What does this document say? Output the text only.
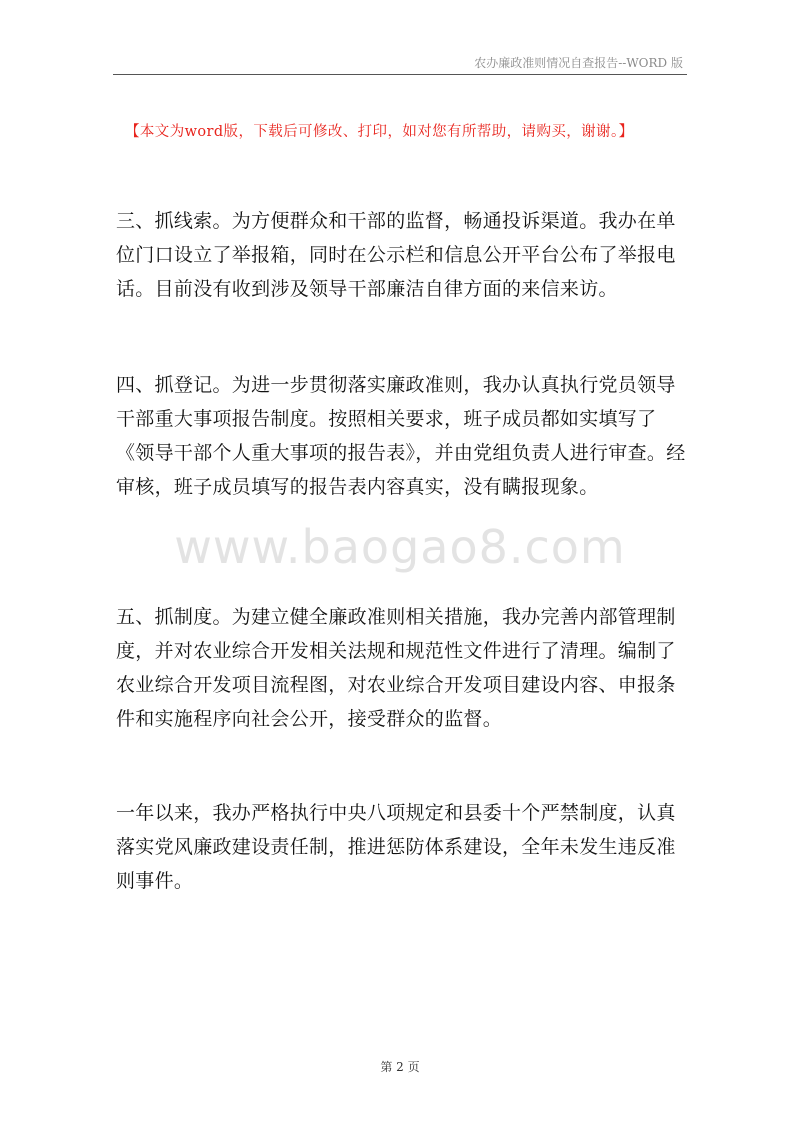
农办廉政准则情况自查报告--WORD 版
【本文为word版，下载后可修改、打印，如对您有所帮助，请购买，谢谢。】

三、抓线索。为方便群众和干部的监督，畅通投诉渠道。我办在单位门口设立了举报箱，同时在公示栏和信息公开平台公布了举报电话。目前没有收到涉及领导干部廉洁自律方面的来信来访。

四、抓登记。为进一步贯彻落实廉政准则，我办认真执行党员领导干部重大事项报告制度。按照相关要求，班子成员都如实填写了《领导干部个人重大事项的报告表》，并由党组负责人进行审查。经审核，班子成员填写的报告表内容真实，没有瞒报现象。

www.baogao8.com

五、抓制度。为建立健全廉政准则相关措施，我办完善内部管理制度，并对农业综合开发相关法规和规范性文件进行了清理。编制了农业综合开发项目流程图，对农业综合开发项目建设内容、申报条件和实施程序向社会公开，接受群众的监督。

一年以来，我办严格执行中央八项规定和县委十个严禁制度，认真落实党风廉政建设责任制，推进惩防体系建设，全年未发生违反准则事件。

第 2 页
